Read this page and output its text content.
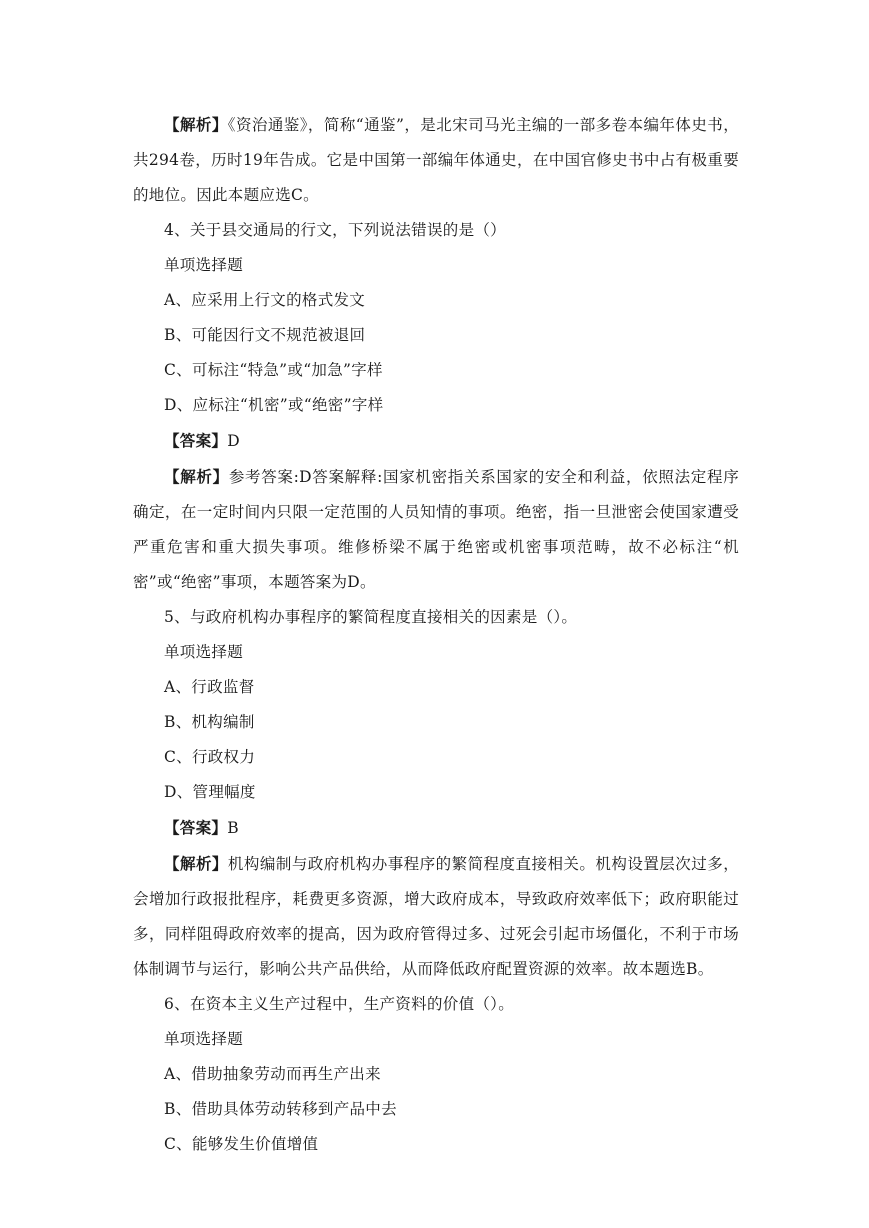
【解析】《资治通鉴》，简称“通鉴”，是北宋司马光主编的一部多卷本编年体史书，共294卷，历时19年告成。它是中国第一部编年体通史，在中国官修史书中占有极重要的地位。因此本题应选C。

4、关于县交通局的行文，下列说法错误的是（）

单项选择题

A、应采用上行文的格式发文

B、可能因行文不规范被退回

C、可标注“特急”或“加急”字样

D、应标注“机密”或“绝密”字样

【答案】D

【解析】参考答案:D答案解释:国家机密指关系国家的安全和利益，依照法定程序确定，在一定时间内只限一定范围的人员知情的事项。绝密，指一旦泄密会使国家遭受严重危害和重大损失事项。维修桥梁不属于绝密或机密事项范畴，故不必标注“机密”或“绝密”事项，本题答案为D。

5、与政府机构办事程序的繁简程度直接相关的因素是（）。

单项选择题

A、行政监督

B、机构编制

C、行政权力

D、管理幅度

【答案】B

【解析】机构编制与政府机构办事程序的繁简程度直接相关。机构设置层次过多，会增加行政报批程序，耗费更多资源，增大政府成本，导致政府效率低下；政府职能过多，同样阻碍政府效率的提高，因为政府管得过多、过死会引起市场僵化，不利于市场体制调节与运行，影响公共产品供给，从而降低政府配置资源的效率。故本题选B。

6、在资本主义生产过程中，生产资料的价值（）。

单项选择题

A、借助抽象劳动而再生产出来

B、借助具体劳动转移到产品中去

C、能够发生价值增值
